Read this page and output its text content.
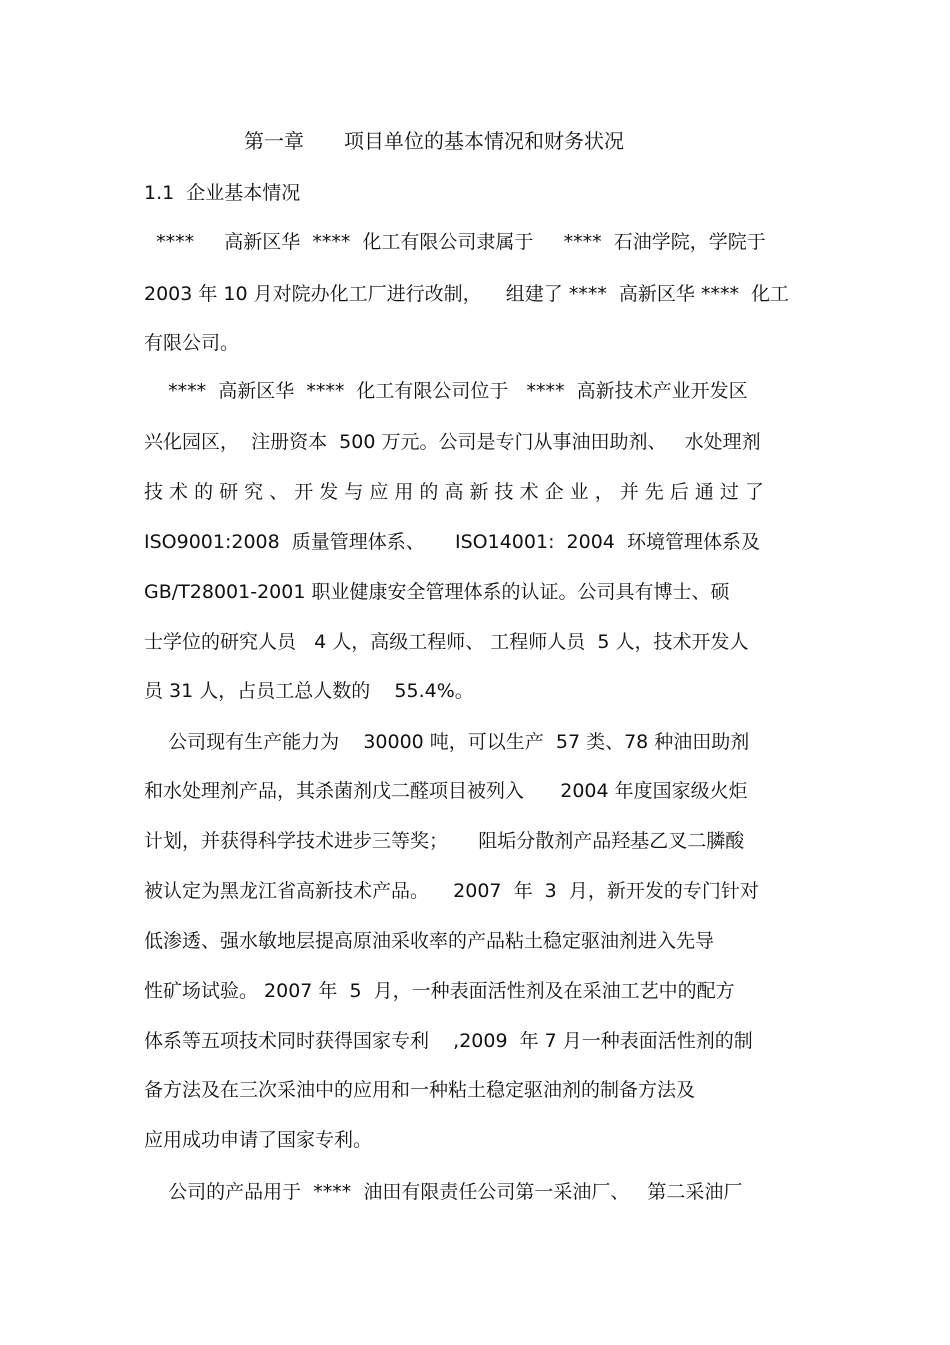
第一章　　项目单位的基本情况和财务状况
1.1  企业基本情况
****     高新区华  ****  化工有限公司隶属于     ****  石油学院，学院于
2003 年 10 月对院办化工厂进行改制，    组建了 ****  高新区华 ****  化工
有限公司。
****  高新区华  ****  化工有限公司位于   ****  高新技术产业开发区
兴化园区，  注册资本  500 万元。公司是专门从事油田助剂、   水处理剂
技 术 的 研 究 、 开 发 与 应 用 的 高 新 技 术 企 业 ， 并 先 后 通 过 了
ISO9001:2008  质量管理体系、     ISO14001:  2004  环境管理体系及
GB/T28001-2001 职业健康安全管理体系的认证。公司具有博士、硕
士学位的研究人员   4 人，高级工程师、 工程师人员  5 人，技术开发人
员 31 人，占员工总人数的    55.4%。
公司现有生产能力为    30000 吨，可以生产  57 类、78 种油田助剂
和水处理剂产品，其杀菌剂戊二醛项目被列入      2004 年度国家级火炬
计划，并获得科学技术进步三等奖；     阻垢分散剂产品羟基乙叉二膦酸
被认定为黑龙江省高新技术产品。    2007  年  3  月，新开发的专门针对
低渗透、强水敏地层提高原油采收率的产品粘土稳定驱油剂进入先导
性矿场试验。 2007 年  5  月，一种表面活性剂及在采油工艺中的配方
体系等五项技术同时获得国家专利    ,2009  年 7 月一种表面活性剂的制
备方法及在三次采油中的应用和一种粘土稳定驱油剂的制备方法及
应用成功申请了国家专利。
公司的产品用于  ****  油田有限责任公司第一采油厂、   第二采油厂
